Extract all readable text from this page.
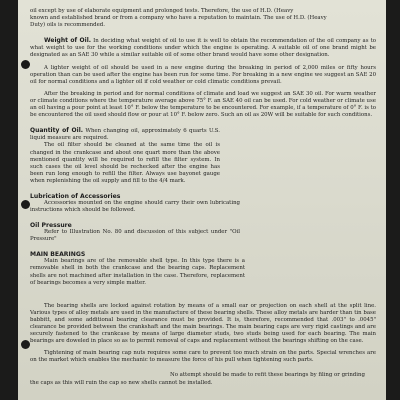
oil except by use of elaborate equipment and prolonged tests. Therefore, the use of H.D. (Heavy

known and established brand or from a company who have a reputation to maintain. The use of H.D. (Heavy

Duty) oils is recommended.

Weight of Oil. In deciding what weight of oil to use it is well to obtain the recommendation of the oil company as to what weight to use for the working conditions under which the engine is operating. A suitable oil of one brand might be designated as an SAE 30 while a similar suitable oil of some other brand would have some other designation.

A lighter weight of oil should be used in a new engine during the breaking in period of 2,000 miles or fifty hours operation than can be used after the engine has been run for some time. For breaking in a new engine we suggest an SAE 20 oil for normal conditions and a lighter oil if cold weather or cold climatic conditions prevail.

After the breaking in period and for normal conditions of climate and load we suggest an SAE 30 oil. For warm weather or climate conditions where the temperature average above 75° F. an SAE 40 oil can be used. For cold weather or climate use an oil having a pour point at least 10° F. below the temperature to be encountered. For example, if a temperature of 0° F. is to be encountered the oil used should flow or pour at 10° F. below zero. Such an oil as 20W will be suitable for such conditions.

Quantity of Oil. When changing oil, approximately 6 quarts U.S. liquid measure are required.

The oil filter should be cleaned at the same time the oil is changed in the crankcase and about one quart more than the above mentioned quantity will be required to refill the filter system. In such cases the oil level should be rechecked after the engine has been run long enough to refill the filter. Always use bayonet gauge when replenishing the oil supply and fill to the 4/4 mark.

Lubrication of Accessories

Accessories mounted on the engine should carry their own lubricating instructions which should be followed.

Oil Pressure

Refer to Illustration No. 80 and discussion of this subject under "Oil Pressure"

MAIN BEARINGS

Main bearings are of the removable shell type. In this type there is a removable shell in both the crankcase and the bearing caps. Replacement shells are not machined after installation in the case. Therefore, replacement of bearings becomes a very simple matter.

The bearing shells are locked against rotation by means of a small ear or projection on each shell at the split line. Various types of alloy metals are used in the manufacture of these bearing shells. These alloy metals are harder than tin base babbitt, and some additional bearing clearance must be provided. It is, therefore, recommended that .003" to .0045" clearance be provided between the crankshaft and the main bearings. The main bearing caps are very rigid castings and are securely fastened to the crankcase by means of large diameter studs, two studs being used for each bearing. The main bearings are doweled in place so as to permit removal of caps and replacement without the bearings shifting on the case.

Tightening of main bearing cap nuts requires some care to prevent too much strain on the parts. Special wrenches are on the market which enables the mechanic to measure the force of his pull when tightening such parts.

No attempt should be made to refit these bearings by filing or grinding

the caps as this will ruin the cap so new shells cannot be installed.
